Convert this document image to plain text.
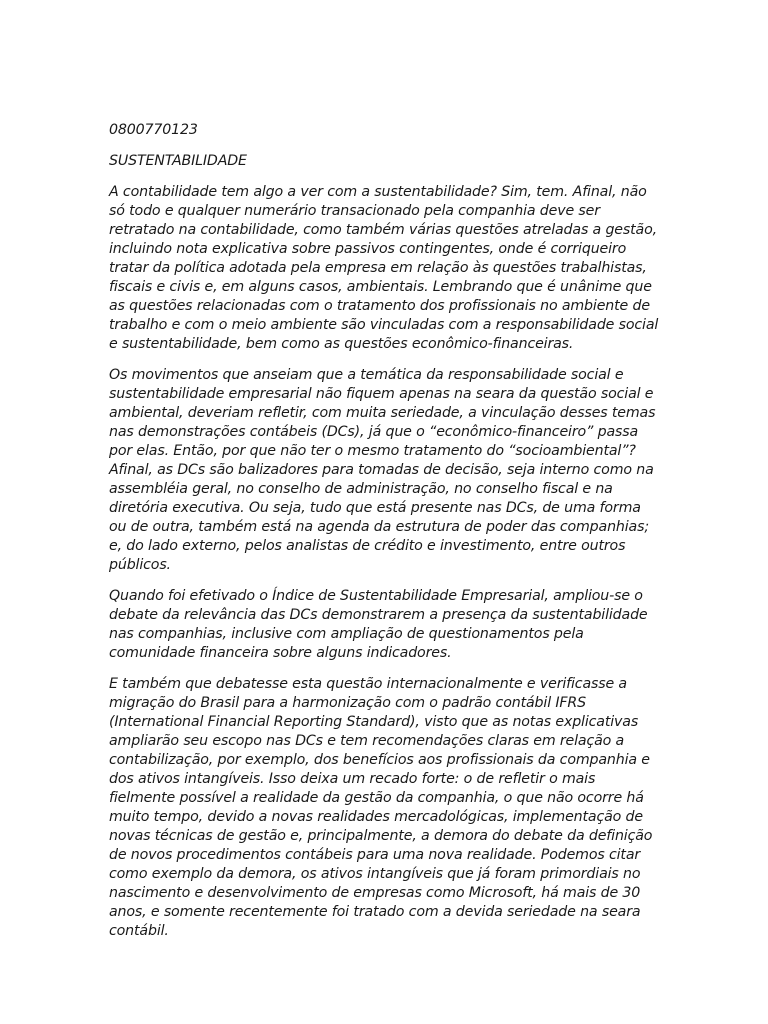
0800770123

SUSTENTABILIDADE

A contabilidade tem algo a ver com a sustentabilidade? Sim, tem. Afinal, não só todo e qualquer numerário transacionado pela companhia deve ser retratado na contabilidade, como também várias questões atreladas a gestão, incluindo nota explicativa sobre passivos contingentes, onde é corriqueiro tratar da política adotada pela empresa em relação às questões trabalhistas, fiscais e civis e, em alguns casos, ambientais. Lembrando que é unânime que as questões relacionadas com o tratamento dos profissionais no ambiente de trabalho e com o meio ambiente são vinculadas com a responsabilidade social e sustentabilidade, bem como as questões econômico-financeiras.

Os movimentos que anseiam que a temática da responsabilidade social e sustentabilidade empresarial não fiquem apenas na seara da questão social e ambiental, deveriam refletir, com muita seriedade, a vinculação desses temas nas demonstrações contábeis (DCs), já que o “econômico-financeiro” passa por elas. Então, por que não ter o mesmo tratamento do “socioambiental”? Afinal, as DCs são balizadores para tomadas de decisão, seja interno como na assembléia geral, no conselho de administração, no conselho fiscal e na diretória executiva. Ou seja, tudo que está presente nas DCs, de uma forma ou de outra, também está na agenda da estrutura de poder das companhias; e, do lado externo, pelos analistas de crédito e investimento, entre outros públicos.

Quando foi efetivado o Índice de Sustentabilidade Empresarial, ampliou-se o debate da relevância das DCs demonstrarem a presença da sustentabilidade nas companhias, inclusive com ampliação de questionamentos pela comunidade financeira sobre alguns indicadores.

E também que debatesse esta questão internacionalmente e verificasse a migração do Brasil para a harmonização com o padrão contábil IFRS (International Financial Reporting Standard), visto que as notas explicativas ampliarão seu escopo nas DCs e tem recomendações claras em relação a contabilização, por exemplo, dos benefícios aos profissionais da companhia e dos ativos intangíveis. Isso deixa um recado forte: o de refletir o mais fielmente possível a realidade da gestão da companhia, o que não ocorre há muito tempo, devido a novas realidades mercadológicas, implementação de novas técnicas de gestão e, principalmente, a demora do debate da definição de novos procedimentos contábeis para uma nova realidade. Podemos citar como exemplo da demora, os ativos intangíveis que já foram primordiais no nascimento e desenvolvimento de empresas como Microsoft, há mais de 30 anos, e somente recentemente foi tratado com a devida seriedade na seara contábil.
